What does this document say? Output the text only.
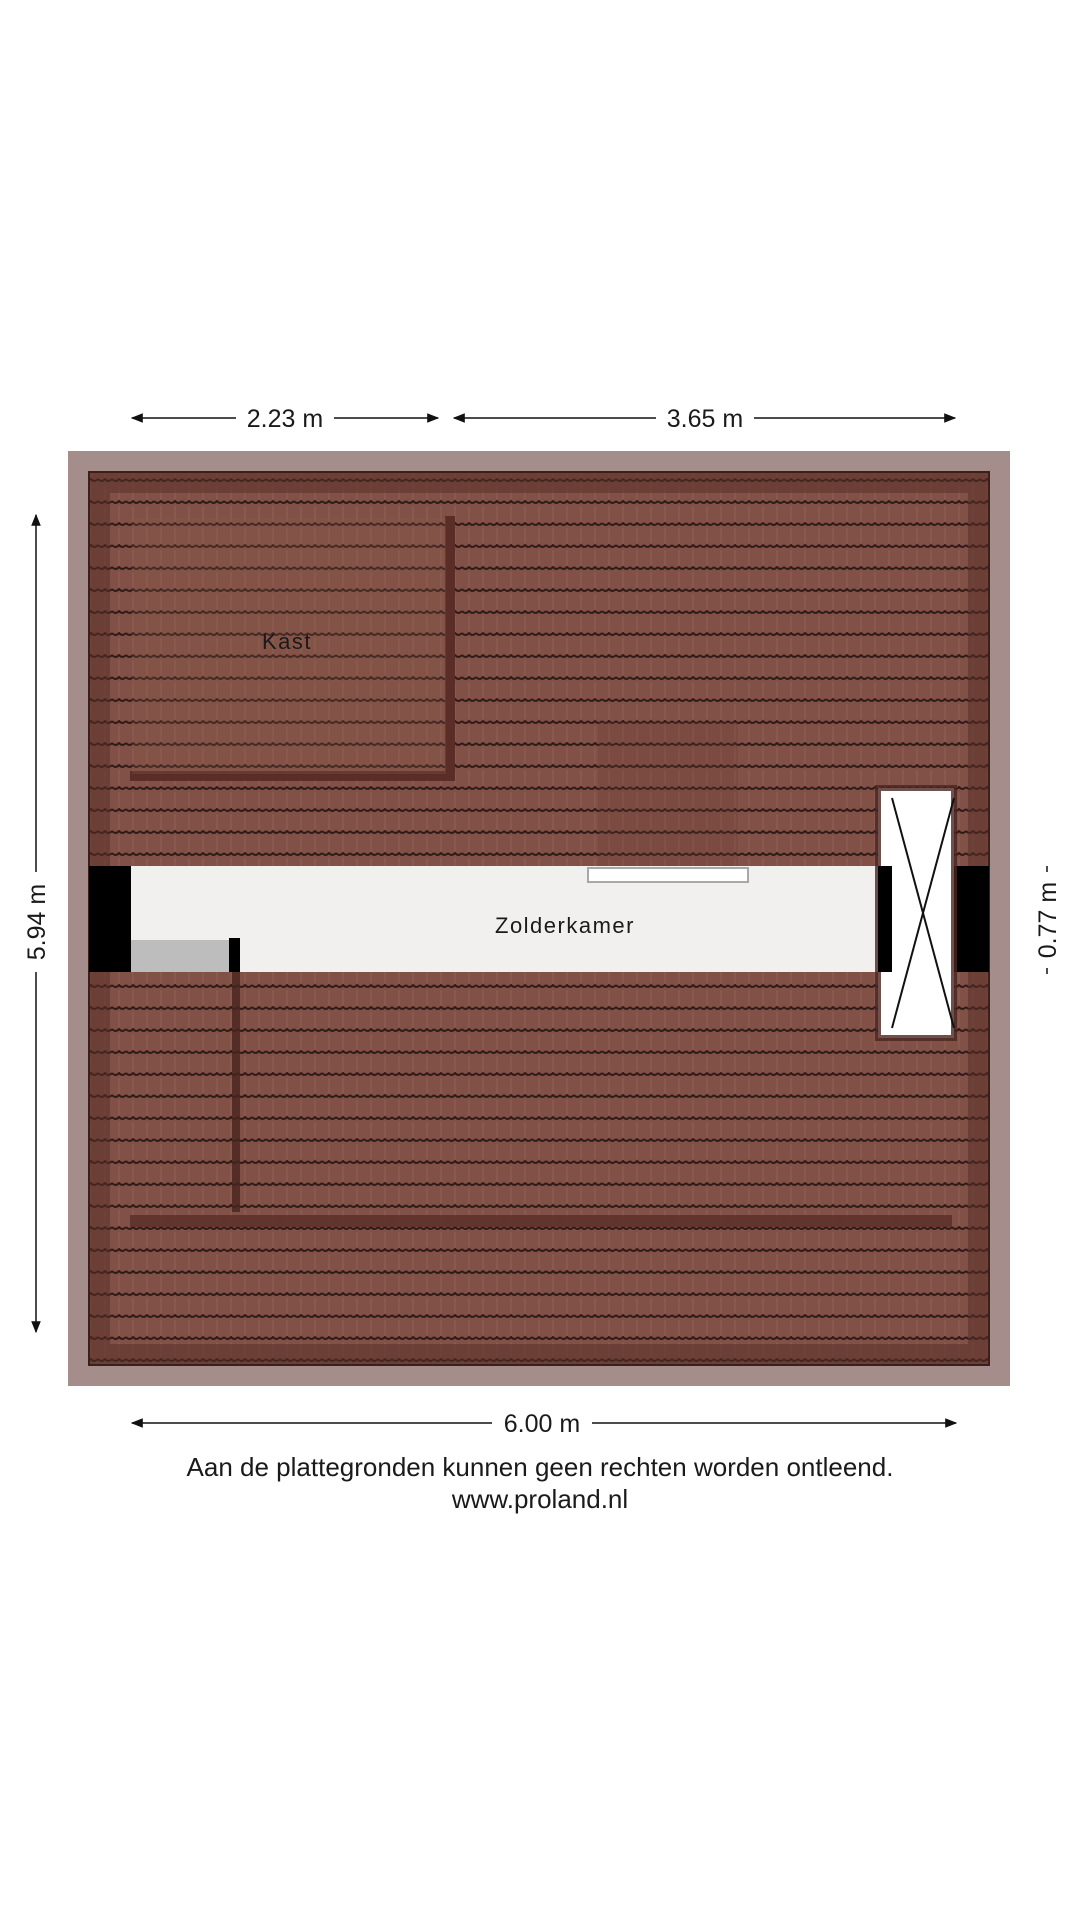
2.23 m	3.65 m
5.94 m	0.77 m
Kast
Zolderkamer
6.00 m
Aan de plattegronden kunnen geen rechten worden ontleend.
www.proland.nl
